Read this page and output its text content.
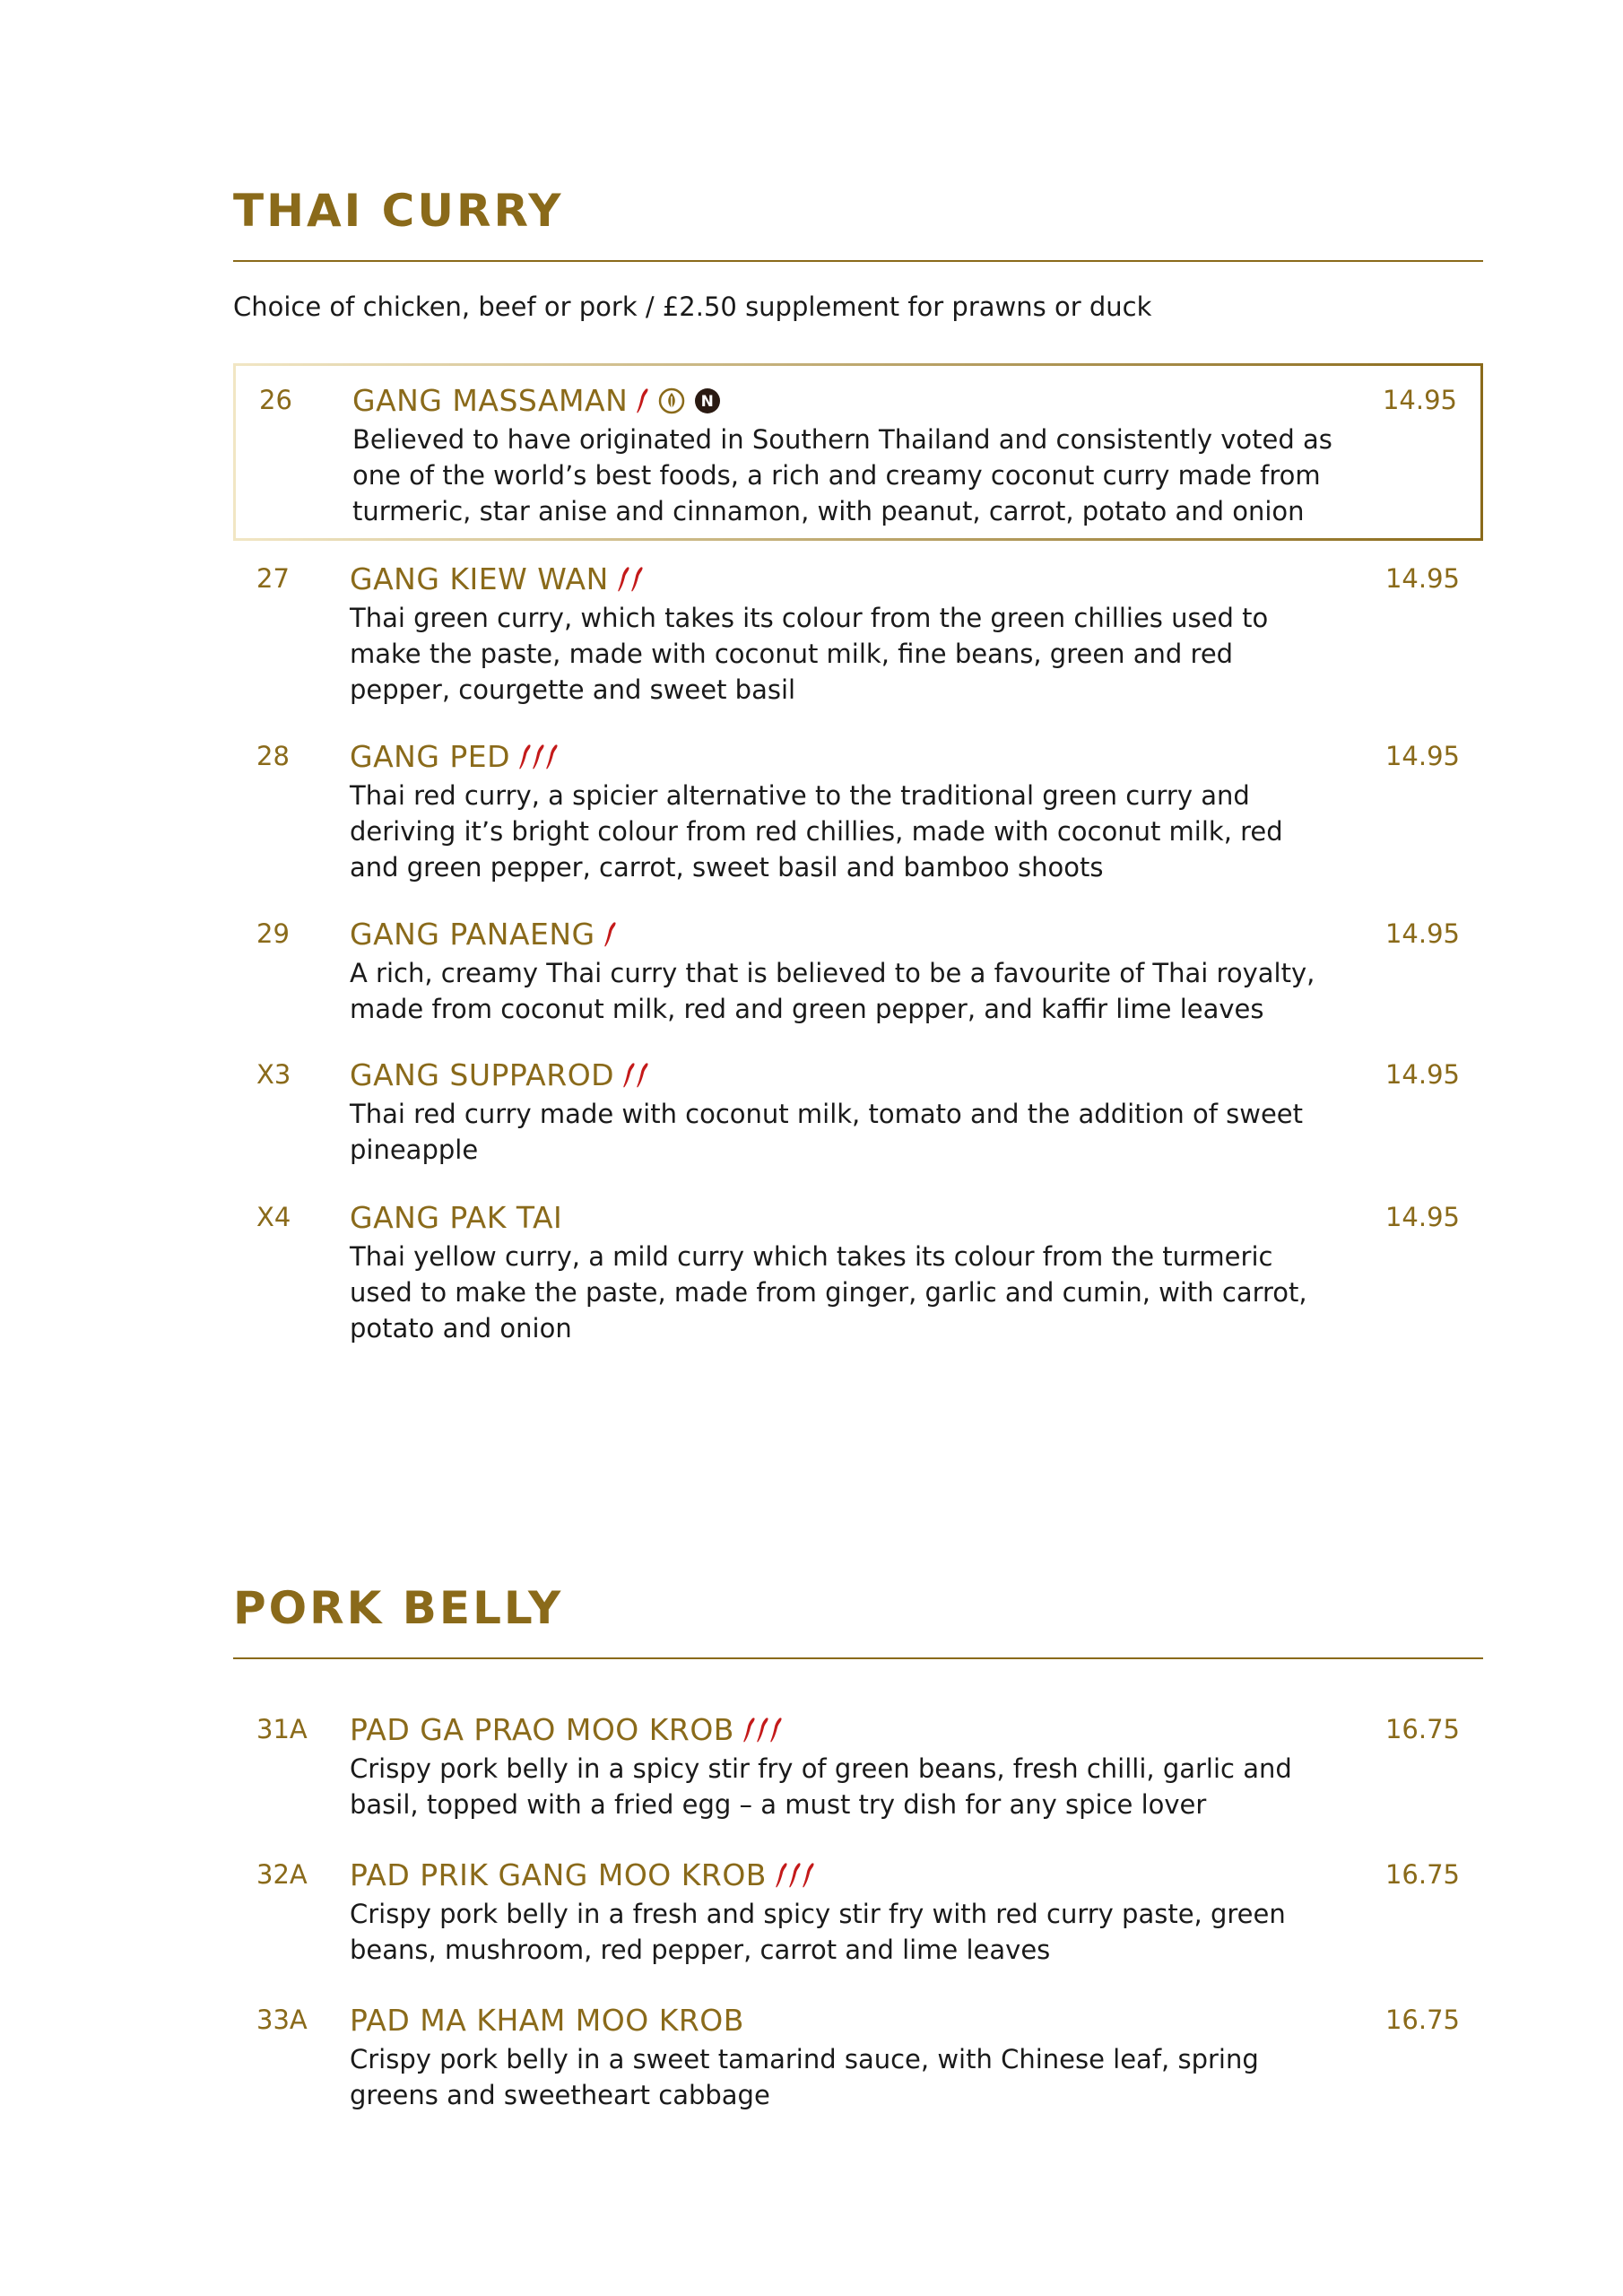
THAI CURRY

Choice of chicken, beef or pork / £2.50 supplement for prawns or duck

26 GANG MASSAMAN	N

Believed to have originated in Southern Thailand and consistently voted as one of the world’s best foods, a rich and creamy coconut curry made from turmeric, star anise and cinnamon, with peanut, carrot, potato and onion

14.95
27 GANG KIEW WAN

Thai green curry, which takes its colour from the green chillies used to make the paste, made with coconut milk, fine beans, green and red pepper, courgette and sweet basil

14.95
28 GANG PED

Thai red curry, a spicier alternative to the traditional green curry and deriving it’s bright colour from red chillies, made with coconut milk, red and green pepper, carrot, sweet basil and bamboo shoots

14.95
29 GANG PANAENG

A rich, creamy Thai curry that is believed to be a favourite of Thai royalty, made from coconut milk, red and green pepper, and kaffir lime leaves

14.95
X3 GANG SUPPAROD

Thai red curry made with coconut milk, tomato and the addition of sweet pineapple

14.95
X4 GANG PAK TAI

Thai yellow curry, a mild curry which takes its colour from the turmeric used to make the paste, made from ginger, garlic and cumin, with carrot, potato and onion

14.95
PORK BELLY
31A PAD GA PRAO MOO KROB

Crispy pork belly in a spicy stir fry of green beans, fresh chilli, garlic and basil, topped with a fried egg – a must try dish for any spice lover

16.75
32A PAD PRIK GANG MOO KROB

Crispy pork belly in a fresh and spicy stir fry with red curry paste, green beans, mushroom, red pepper, carrot and lime leaves

16.75
33A PAD MA KHAM MOO KROB

Crispy pork belly in a sweet tamarind sauce, with Chinese leaf, spring greens and sweetheart cabbage

16.75
